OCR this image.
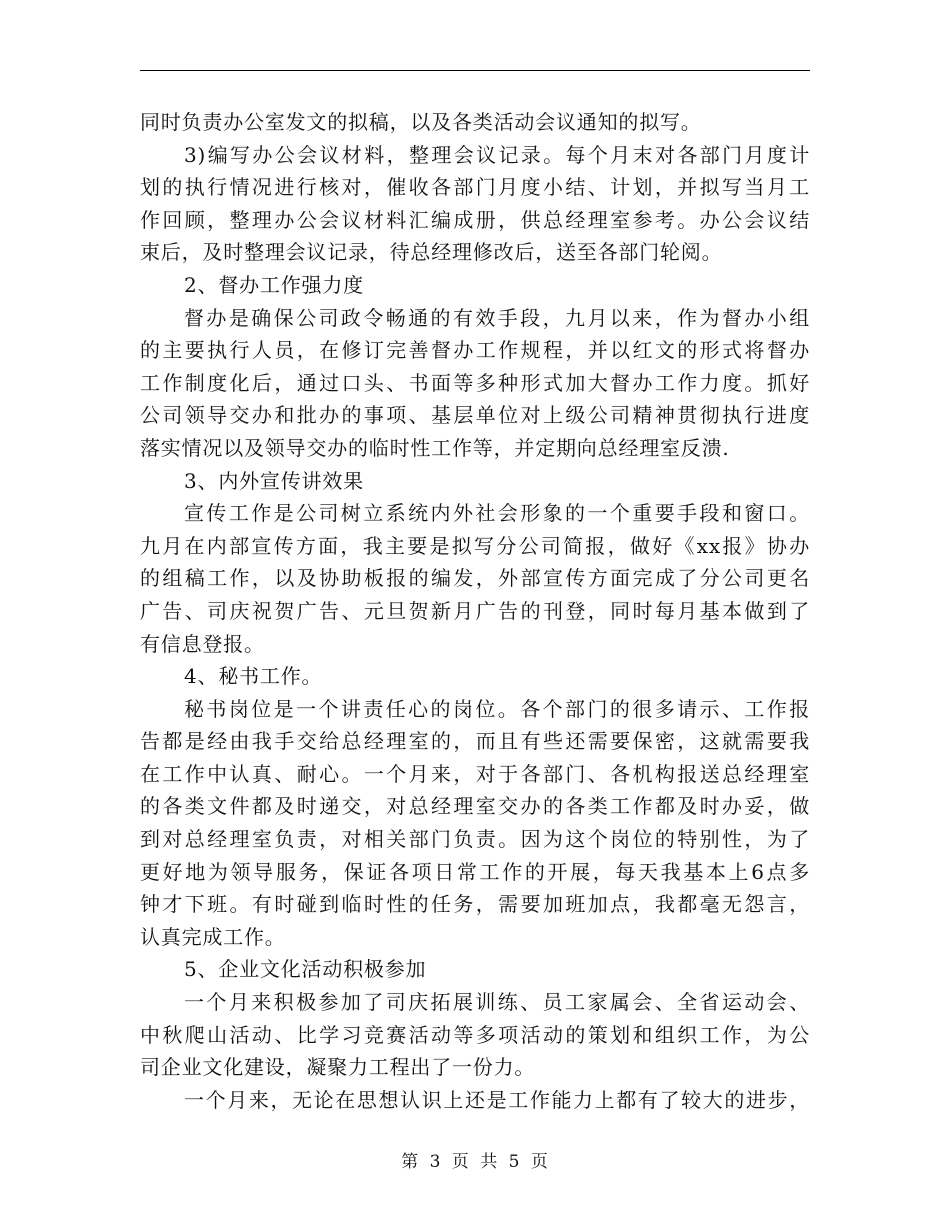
同时负责办公室发文的拟稿，以及各类活动会议通知的拟写。
3)编写办公会议材料，整理会议记录。每个月末对各部门月度计
划的执行情况进行核对，催收各部门月度小结、计划，并拟写当月工
作回顾，整理办公会议材料汇编成册，供总经理室参考。办公会议结
束后，及时整理会议记录，待总经理修改后，送至各部门轮阅。
2、督办工作强力度
督办是确保公司政令畅通的有效手段，九月以来，作为督办小组
的主要执行人员，在修订完善督办工作规程，并以红文的形式将督办
工作制度化后，通过口头、书面等多种形式加大督办工作力度。抓好
公司领导交办和批办的事项、基层单位对上级公司精神贯彻执行进度
落实情况以及领导交办的临时性工作等，并定期向总经理室反溃.
3、内外宣传讲效果
宣传工作是公司树立系统内外社会形象的一个重要手段和窗口。
九月在内部宣传方面，我主要是拟写分公司简报，做好《xx报》协办
的组稿工作，以及协助板报的编发，外部宣传方面完成了分公司更名
广告、司庆祝贺广告、元旦贺新月广告的刊登，同时每月基本做到了
有信息登报。
4、秘书工作。
秘书岗位是一个讲责任心的岗位。各个部门的很多请示、工作报
告都是经由我手交给总经理室的，而且有些还需要保密，这就需要我
在工作中认真、耐心。一个月来，对于各部门、各机构报送总经理室
的各类文件都及时递交，对总经理室交办的各类工作都及时办妥，做
到对总经理室负责，对相关部门负责。因为这个岗位的特别性，为了
更好地为领导服务，保证各项日常工作的开展，每天我基本上6点多
钟才下班。有时碰到临时性的任务，需要加班加点，我都毫无怨言，
认真完成工作。
5、企业文化活动积极参加
一个月来积极参加了司庆拓展训练、员工家属会、全省运动会、
中秋爬山活动、比学习竞赛活动等多项活动的策划和组织工作，为公
司企业文化建设，凝聚力工程出了一份力。
一个月来，无论在思想认识上还是工作能力上都有了较大的进步，
第 3 页 共 5 页
